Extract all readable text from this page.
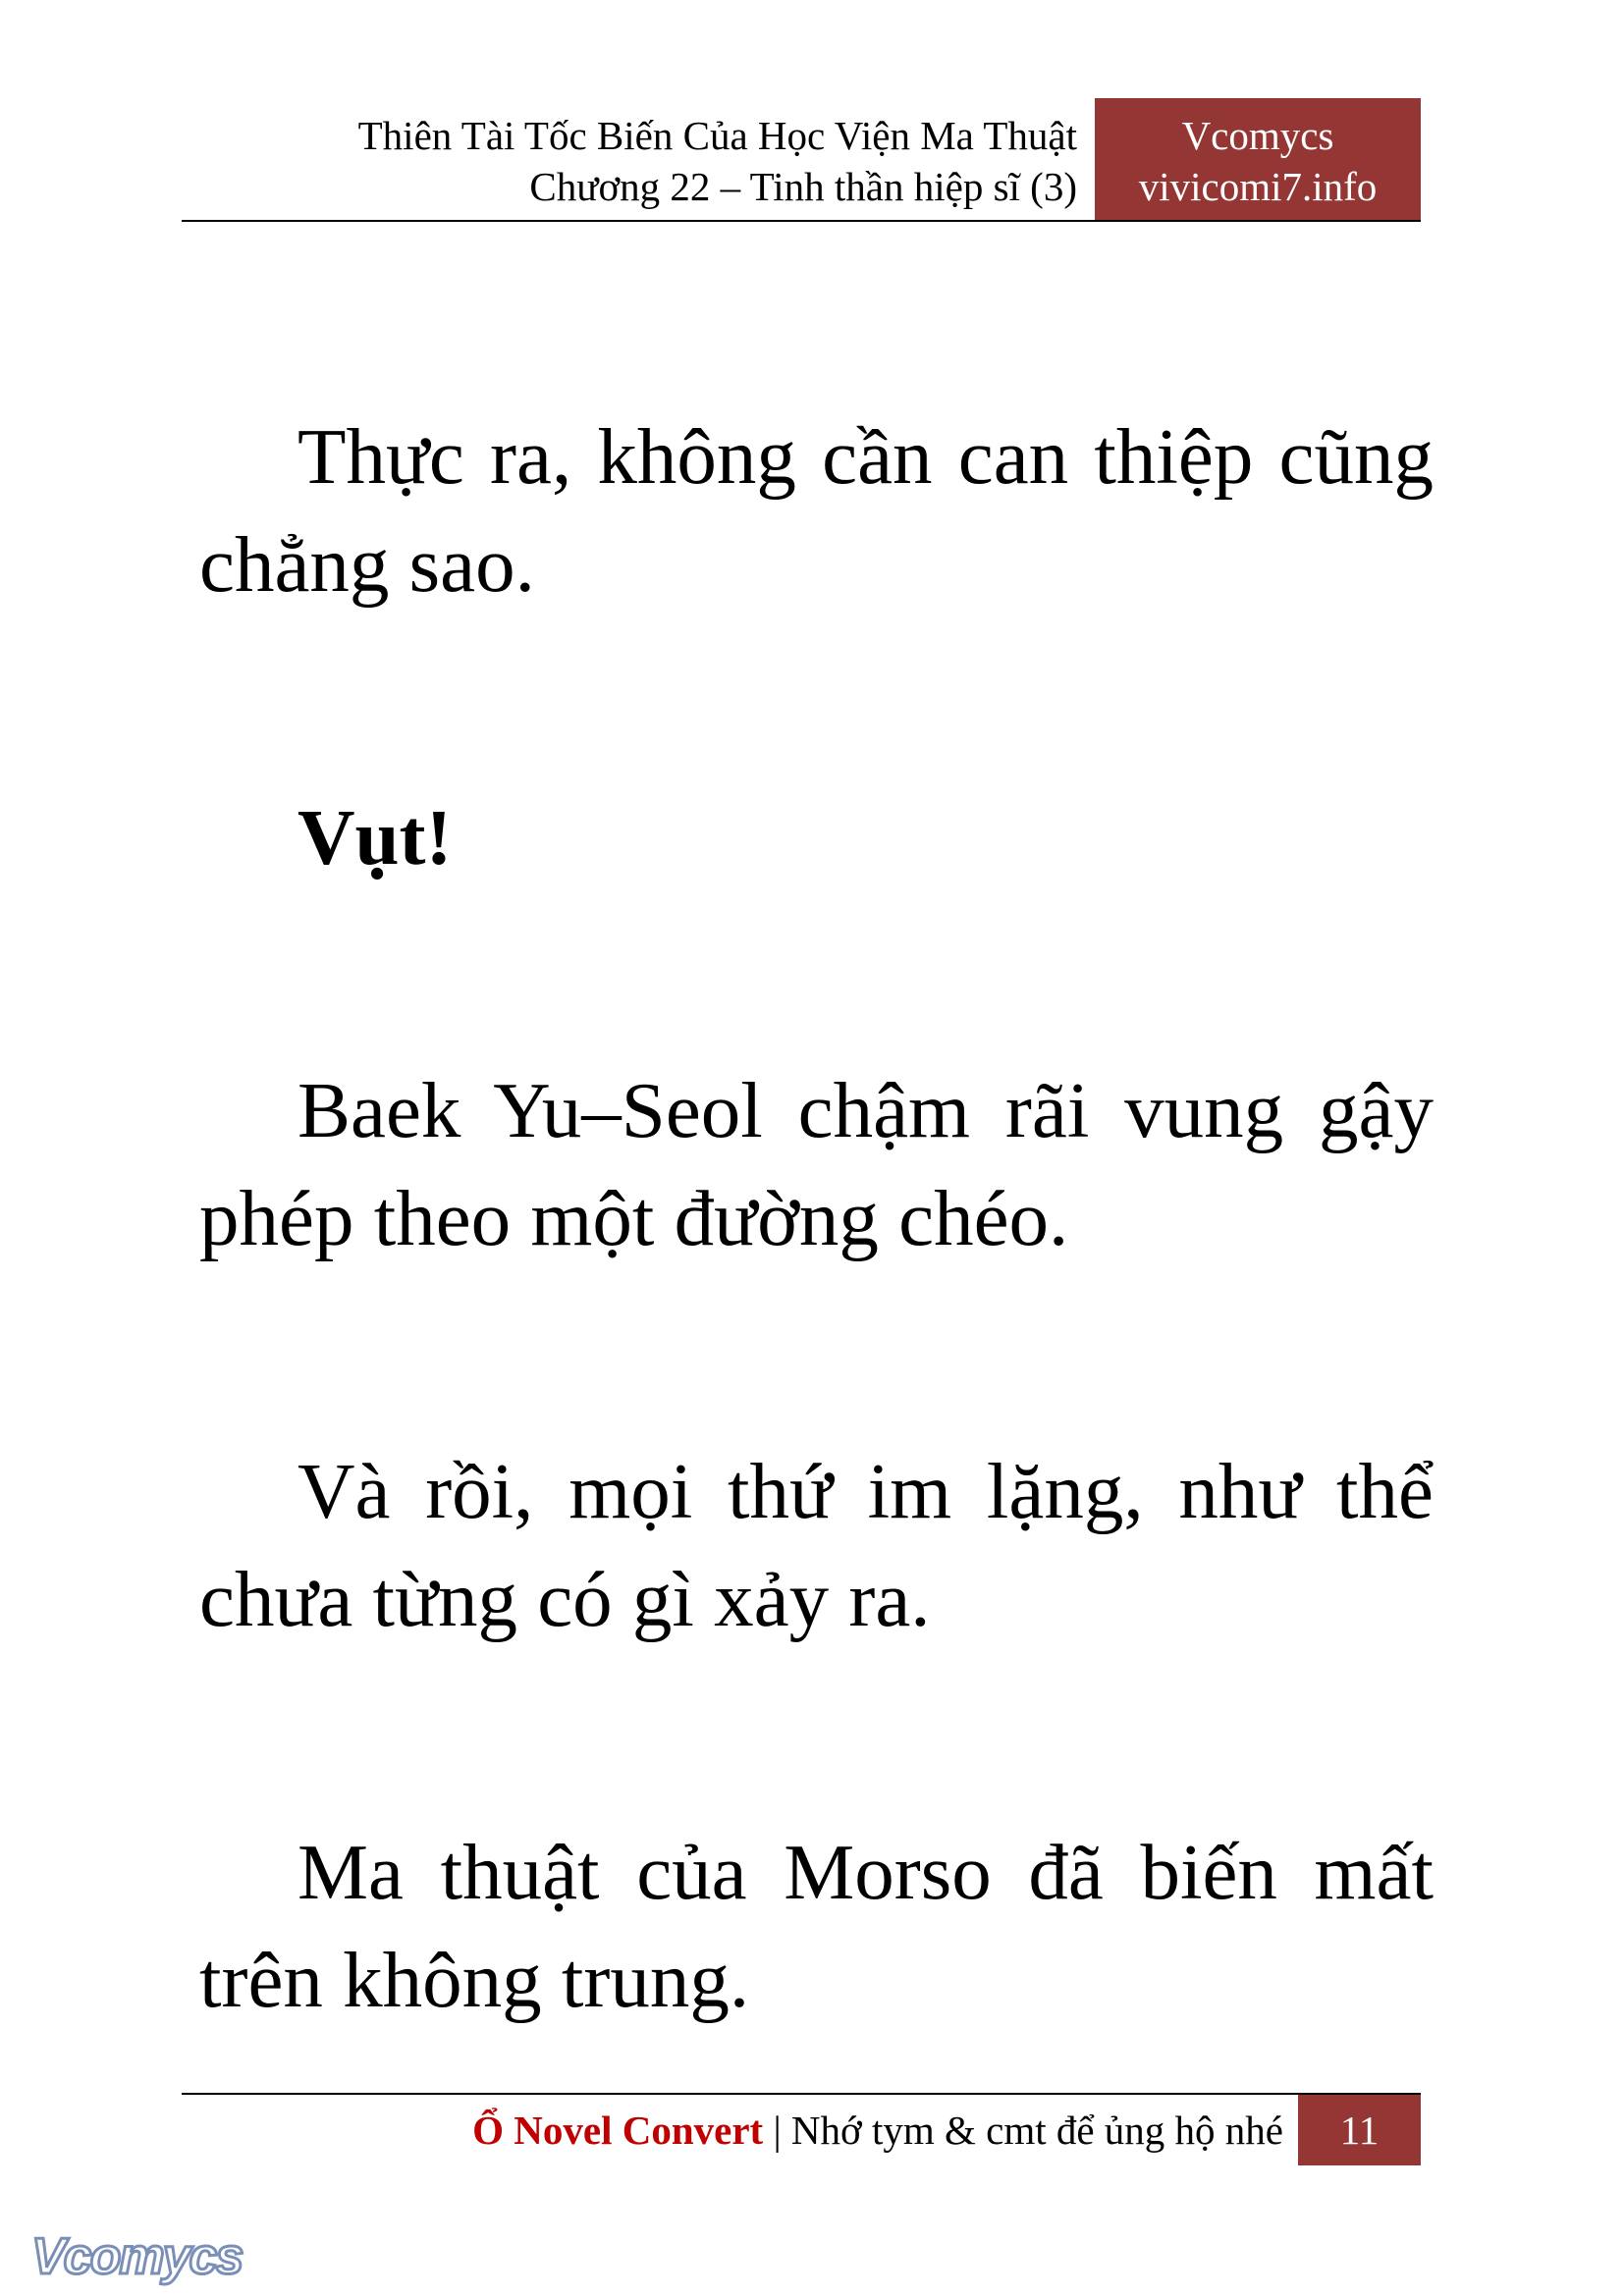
Thiên Tài Tốc Biến Của Học Viện Ma Thuật
Chương 22 – Tinh thần hiệp sĩ (3)
Vcomycs
vivicomi7.info

Thực ra, không cần can thiệp cũng chẳng sao.

Vụt!

Baek Yu–Seol chậm rãi vung gậy phép theo một đường chéo.

Và rồi, mọi thứ im lặng, như thể chưa từng có gì xảy ra.

Ma thuật của Morso đã biến mất trên không trung.

Ổ Novel Convert | Nhớ tym & cmt để ủng hộ nhé	11
Vcomycs
